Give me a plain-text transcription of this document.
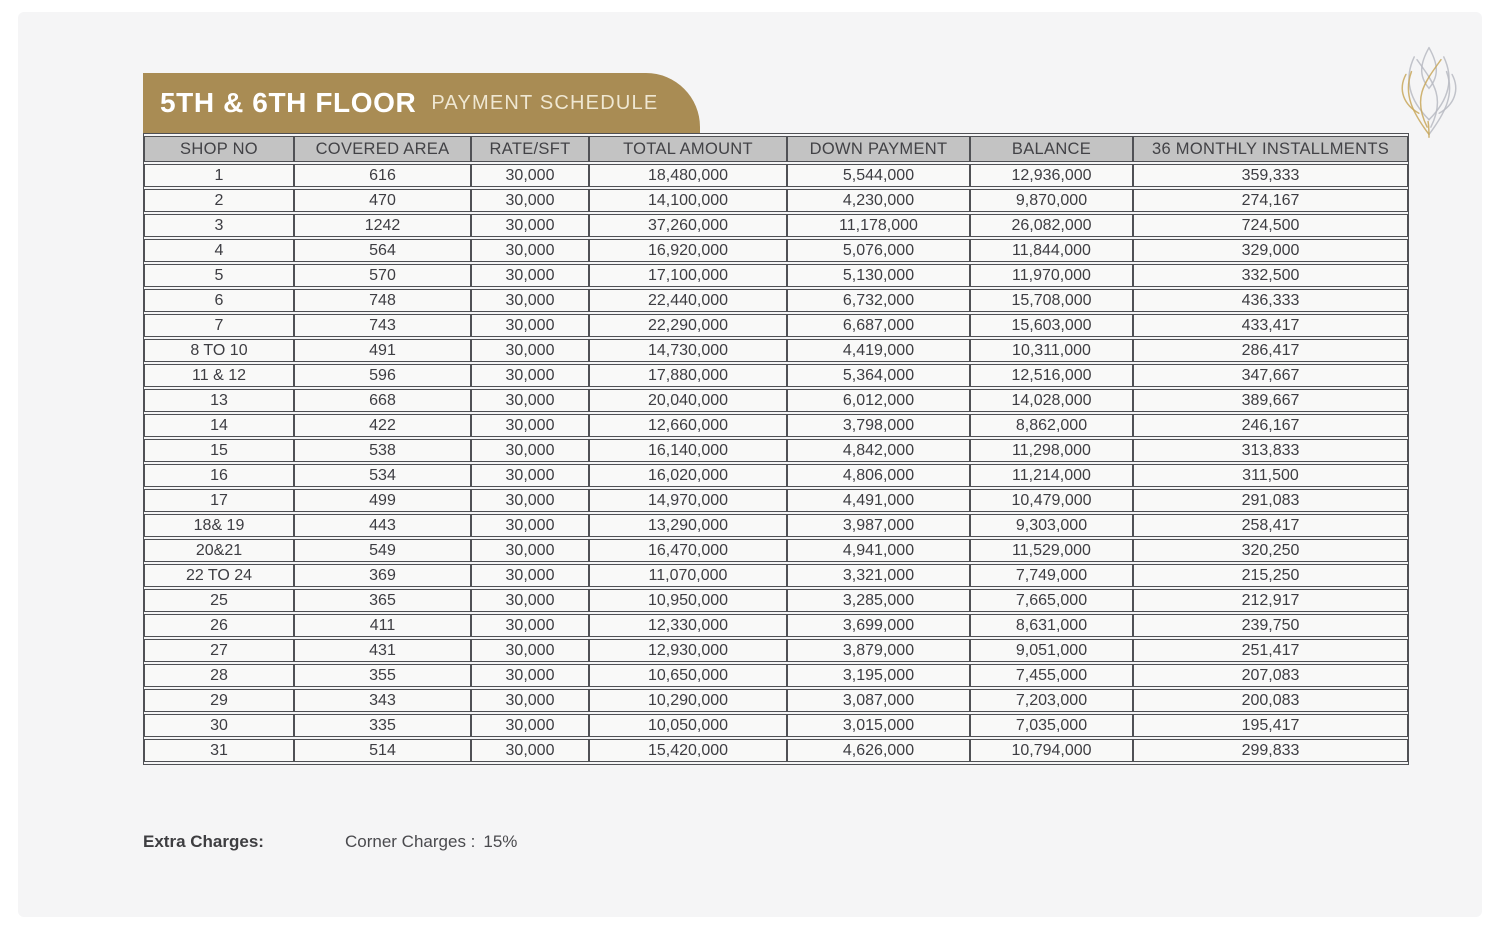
5TH & 6TH FLOOR PAYMENT SCHEDULE
SHOP NO	COVERED AREA	RATE/SFT	TOTAL AMOUNT	DOWN PAYMENT	BALANCE	36 MONTHLY INSTALLMENTS
1	616	30,000	18,480,000	5,544,000	12,936,000	359,333
2	470	30,000	14,100,000	4,230,000	9,870,000	274,167
3	1242	30,000	37,260,000	11,178,000	26,082,000	724,500
4	564	30,000	16,920,000	5,076,000	11,844,000	329,000
5	570	30,000	17,100,000	5,130,000	11,970,000	332,500
6	748	30,000	22,440,000	6,732,000	15,708,000	436,333
7	743	30,000	22,290,000	6,687,000	15,603,000	433,417
8 TO 10	491	30,000	14,730,000	4,419,000	10,311,000	286,417
11 & 12	596	30,000	17,880,000	5,364,000	12,516,000	347,667
13	668	30,000	20,040,000	6,012,000	14,028,000	389,667
14	422	30,000	12,660,000	3,798,000	8,862,000	246,167
15	538	30,000	16,140,000	4,842,000	11,298,000	313,833
16	534	30,000	16,020,000	4,806,000	11,214,000	311,500
17	499	30,000	14,970,000	4,491,000	10,479,000	291,083
18& 19	443	30,000	13,290,000	3,987,000	9,303,000	258,417
20&21	549	30,000	16,470,000	4,941,000	11,529,000	320,250
22 TO 24	369	30,000	11,070,000	3,321,000	7,749,000	215,250
25	365	30,000	10,950,000	3,285,000	7,665,000	212,917
26	411	30,000	12,330,000	3,699,000	8,631,000	239,750
27	431	30,000	12,930,000	3,879,000	9,051,000	251,417
28	355	30,000	10,650,000	3,195,000	7,455,000	207,083
29	343	30,000	10,290,000	3,087,000	7,203,000	200,083
30	335	30,000	10,050,000	3,015,000	7,035,000	195,417
31	514	30,000	15,420,000	4,626,000	10,794,000	299,833
Extra Charges:	Corner Charges : 15%
